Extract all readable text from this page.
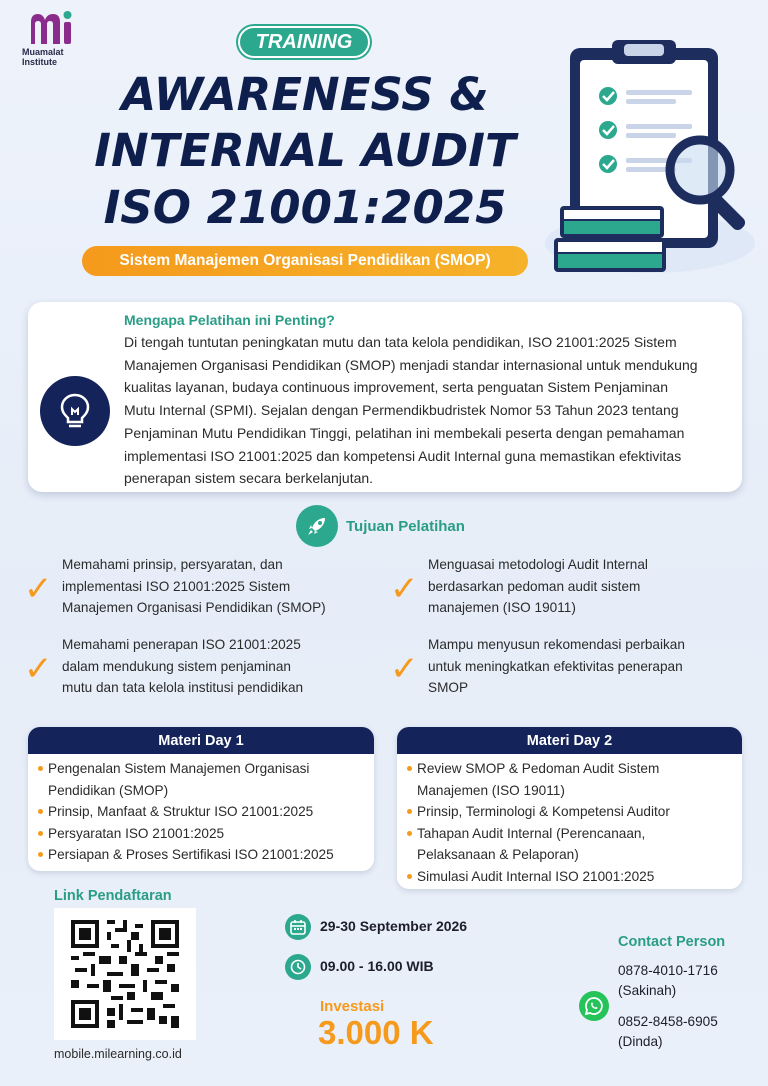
Muamalat
Institute
TRAINING
AWARENESS &
INTERNAL AUDIT
ISO 21001:2025
Sistem Manajemen Organisasi Pendidikan (SMOP)
Mengapa Pelatihan ini Penting?
Di tengah tuntutan peningkatan mutu dan tata kelola pendidikan, ISO 21001:2025 Sistem
Manajemen Organisasi Pendidikan (SMOP) menjadi standar internasional untuk mendukung
kualitas layanan, budaya continuous improvement, serta penguatan Sistem Penjaminan
Mutu Internal (SPMI). Sejalan dengan Permendikbudristek Nomor 53 Tahun 2023 tentang
Penjaminan Mutu Pendidikan Tinggi, pelatihan ini membekali peserta dengan pemahaman
implementasi ISO 21001:2025 dan kompetensi Audit Internal guna memastikan efektivitas
penerapan sistem secara berkelanjutan.
Tujuan Pelatihan
✓
Memahami prinsip, persyaratan, dan
implementasi ISO 21001:2025 Sistem
Manajemen Organisasi Pendidikan (SMOP)	✓
Menguasai metodologi Audit Internal
berdasarkan pedoman audit sistem
manajemen (ISO 19011)
✓
Memahami penerapan ISO 21001:2025
dalam mendukung sistem penjaminan
mutu dan tata kelola institusi pendidikan	✓
Mampu menyusun rekomendasi perbaikan
untuk meningkatkan efektivitas penerapan
SMOP
Materi Day 1
Pengenalan Sistem Manajemen Organisasi
Pendidikan (SMOP)
Prinsip, Manfaat & Struktur ISO 21001:2025
Persyaratan ISO 21001:2025
Persiapan & Proses Sertifikasi ISO 21001:2025
Materi Day 2
Review SMOP & Pedoman Audit Sistem
Manajemen (ISO 19011)
Prinsip, Terminologi & Kompetensi Auditor
Tahapan Audit Internal (Perencanaan,
Pelaksanaan & Pelaporan)
Simulasi Audit Internal ISO 21001:2025
Link Pendaftaran
mobile.milearning.co.id
29-30 September 2026
09.00 - 16.00 WIB
Investasi
3.000 K
Contact Person
0878-4010-1716
(Sakinah)
0852-8458-6905
(Dinda)
